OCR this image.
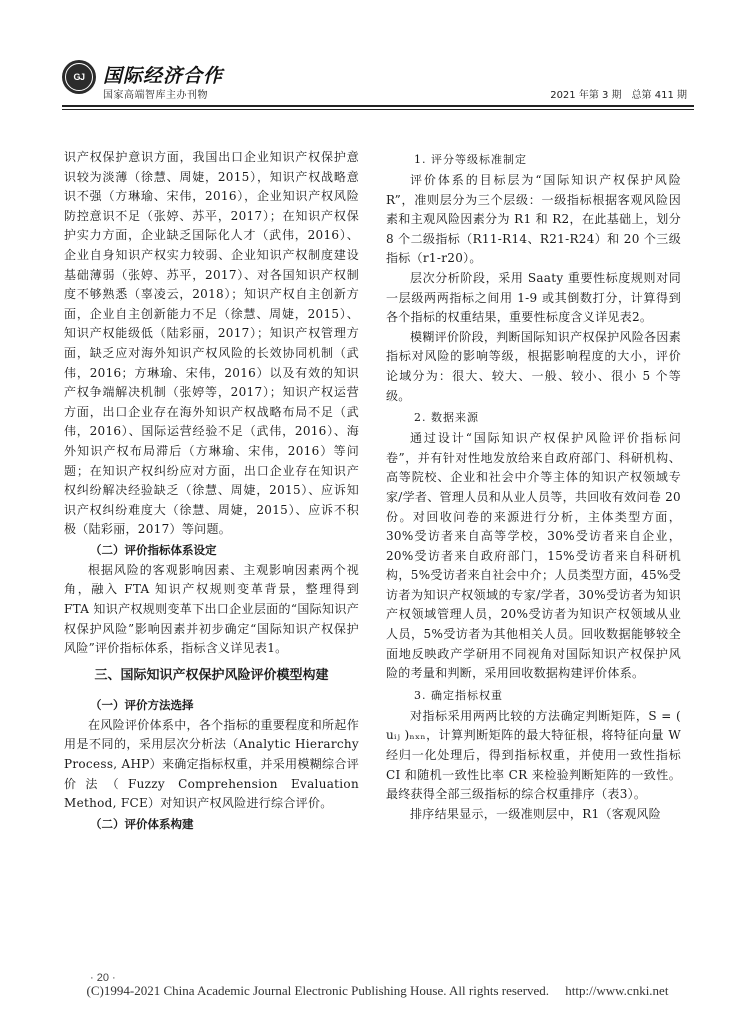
GJ 国际经济合作
国家高端智库主办刊物	2021 年第 3 期　总第 411 期

识产权保护意识方面，我国出口企业知识产权保护意识较为淡薄（徐慧、周婕，2015），知识产权战略意识不强（方琳瑜、宋伟，2016），企业知识产权风险防控意识不足（张婷、苏平，2017）；在知识产权保护实力方面，企业缺乏国际化人才（武伟，2016）、企业自身知识产权实力较弱、企业知识产权制度建设基础薄弱（张婷、苏平，2017）、对各国知识产权制度不够熟悉（辜凌云，2018）；知识产权自主创新方面，企业自主创新能力不足（徐慧、周婕，2015）、知识产权能级低（陆彩丽，2017）；知识产权管理方面，缺乏应对海外知识产权风险的长效协同机制（武伟，2016；方琳瑜、宋伟，2016）以及有效的知识产权争端解决机制（张婷等，2017）；知识产权运营方面，出口企业存在海外知识产权战略布局不足（武伟，2016）、国际运营经验不足（武伟，2016）、海外知识产权布局滞后（方琳瑜、宋伟，2016）等问题；在知识产权纠纷应对方面，出口企业存在知识产权纠纷解决经验缺乏（徐慧、周婕，2015）、应诉知识产权纠纷难度大（徐慧、周婕，2015）、应诉不积极（陆彩丽，2017）等问题。

（二）评价指标体系设定

根据风险的客观影响因素、主观影响因素两个视角，融入 FTA 知识产权规则变革背景，整理得到 FTA 知识产权规则变革下出口企业层面的“国际知识产权保护风险”影响因素并初步确定“国际知识产权保护风险”评价指标体系，指标含义详见表1。

三、国际知识产权保护风险评价模型构建

（一）评价方法选择

在风险评价体系中，各个指标的重要程度和所起作用是不同的，采用层次分析法（Analytic Hierarchy Process, AHP）来确定指标权重，并采用模糊综合评价法（Fuzzy Comprehension Evaluation Method, FCE）对知识产权风险进行综合评价。

（二）评价体系构建

1. 评分等级标准制定

评价体系的目标层为“国际知识产权保护风险 R”，准则层分为三个层级：一级指标根据客观风险因素和主观风险因素分为 R1 和 R2，在此基础上，划分 8 个二级指标（R11-R14、R21-R24）和 20 个三级指标（r1-r20）。

层次分析阶段，采用 Saaty 重要性标度规则对同一层级两两指标之间用 1-9 或其倒数打分，计算得到各个指标的权重结果，重要性标度含义详见表2。

模糊评价阶段，判断国际知识产权保护风险各因素指标对风险的影响等级，根据影响程度的大小，评价论域分为：很大、较大、一般、较小、很小 5 个等级。

2. 数据来源

通过设计“国际知识产权保护风险评价指标问卷”，并有针对性地发放给来自政府部门、科研机构、高等院校、企业和社会中介等主体的知识产权领域专家/学者、管理人员和从业人员等，共回收有效问卷 20 份。对回收问卷的来源进行分析，主体类型方面，30%受访者来自高等学校，30%受访者来自企业，20%受访者来自政府部门，15%受访者来自科研机构，5%受访者来自社会中介；人员类型方面，45%受访者为知识产权领域的专家/学者，30%受访者为知识产权领域管理人员，20%受访者为知识产权领域从业人员，5%受访者为其他相关人员。回收数据能够较全面地反映政产学研用不同视角对国际知识产权保护风险的考量和判断，采用回收数据构建评价体系。

3. 确定指标权重

对指标采用两两比较的方法确定判断矩阵，S = ( uᵢⱼ )ₙₓₙ，计算判断矩阵的最大特征根，将特征向量 W 经归一化处理后，得到指标权重，并使用一致性指标 CI 和随机一致性比率 CR 来检验判断矩阵的一致性。最终获得全部三级指标的综合权重排序（表3）。

排序结果显示，一级准则层中，R1（客观风险

· 20 ·
(C)1994-2021 China Academic Journal Electronic Publishing House. All rights reserved.　 http://www.cnki.net
